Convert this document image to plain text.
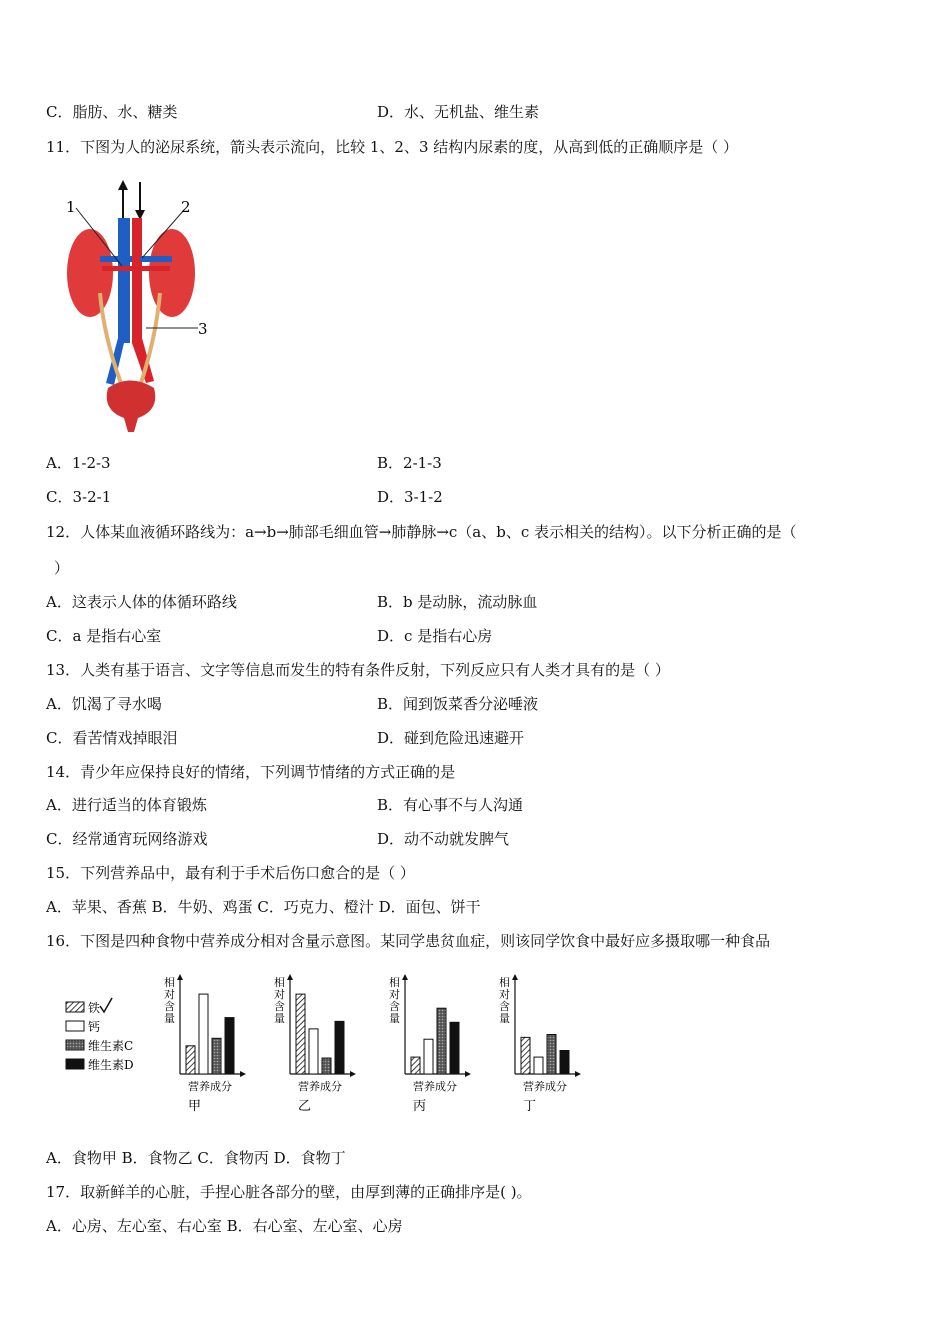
C．脂肪、水、糖类	D．水、无机盐、维生素
11．下图为人的泌尿系统，箭头表示流向，比较 1、2、3 结构内尿素的度，从高到低的正确顺序是（ ）
1	2
3
A．1-2-3	B．2-1-3
C．3-2-1	D．3-1-2
12．人体某血液循环路线为：a→b→肺部毛细血管→肺静脉→c（a、b、c 表示相关的结构）。以下分析正确的是（
）
A．这表示人体的体循环路线	B．b 是动脉，流动脉血
C．a 是指右心室	D．c 是指右心房
13．人类有基于语言、文字等信息而发生的特有条件反射，下列反应只有人类才具有的是（ ）
A．饥渴了寻水喝	B．闻到饭菜香分泌唾液
C．看苦情戏掉眼泪	D．碰到危险迅速避开
14．青少年应保持良好的情绪，下列调节情绪的方式正确的是
A．进行适当的体育锻炼	B．有心事不与人沟通
C．经常通宵玩网络游戏	D．动不动就发脾气
15．下列营养品中，最有利于手术后伤口愈合的是（ ）
A．苹果、香蕉 B．牛奶、鸡蛋 C．巧克力、橙汁 D．面包、饼干
16．下图是四种食物中营养成分相对含量示意图。某同学患贫血症，则该同学饮食中最好应多摄取哪一种食品
铁
钙
维生素C
维生素D
相对含量
营养成分
甲
相对含量
营养成分
乙
相对含量
营养成分
丙
相对含量
营养成分
丁
A．食物甲 B．食物乙 C．食物丙 D．食物丁
17．取新鲜羊的心脏，手捏心脏各部分的壁，由厚到薄的正确排序是( )。
A．心房、左心室、右心室 B．右心室、左心室、心房
